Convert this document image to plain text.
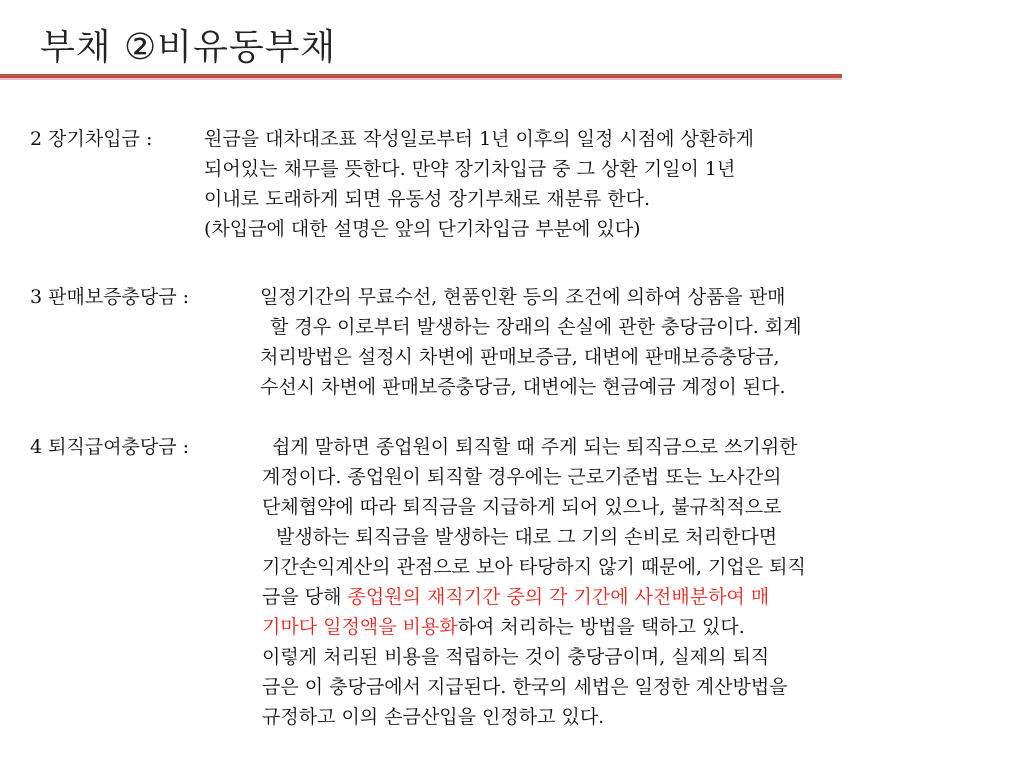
부채 ②비유동부채
2 장기차입금 :	원금을 대차대조표 작성일로부터 1년 이후의 일정 시점에 상환하게
되어있는 채무를 뜻한다. 만약 장기차입금 중 그 상환 기일이 1년
이내로 도래하게 되면 유동성 장기부채로 재분류 한다.
(차입금에 대한 설명은 앞의 단기차입금 부분에 있다)
3 판매보증충당금 :	일정기간의 무료수선, 현품인환 등의 조건에 의하여 상품을 판매
할 경우 이로부터 발생하는 장래의 손실에 관한 충당금이다. 회계
처리방법은 설정시 차변에 판매보증금, 대변에 판매보증충당금,
수선시 차변에 판매보증충당금, 대변에는 현금예금 계정이 된다.
4 퇴직급여충당금 :	쉽게 말하면 종업원이 퇴직할 때 주게 되는 퇴직금으로 쓰기위한
계정이다. 종업원이 퇴직할 경우에는 근로기준법 또는 노사간의
단체협약에 따라 퇴직금을 지급하게 되어 있으나, 불규칙적으로
발생하는 퇴직금을 발생하는 대로 그 기의 손비로 처리한다면
기간손익계산의 관점으로 보아 타당하지 않기 때문에, 기업은 퇴직
금을 당해 종업원의 재직기간 중의 각 기간에 사전배분하여 매
기마다 일정액을 비용화하여 처리하는 방법을 택하고 있다.
이렇게 처리된 비용을 적립하는 것이 충당금이며, 실제의 퇴직
금은 이 충당금에서 지급된다. 한국의 세법은 일정한 계산방법을
규정하고 이의 손금산입을 인정하고 있다.
